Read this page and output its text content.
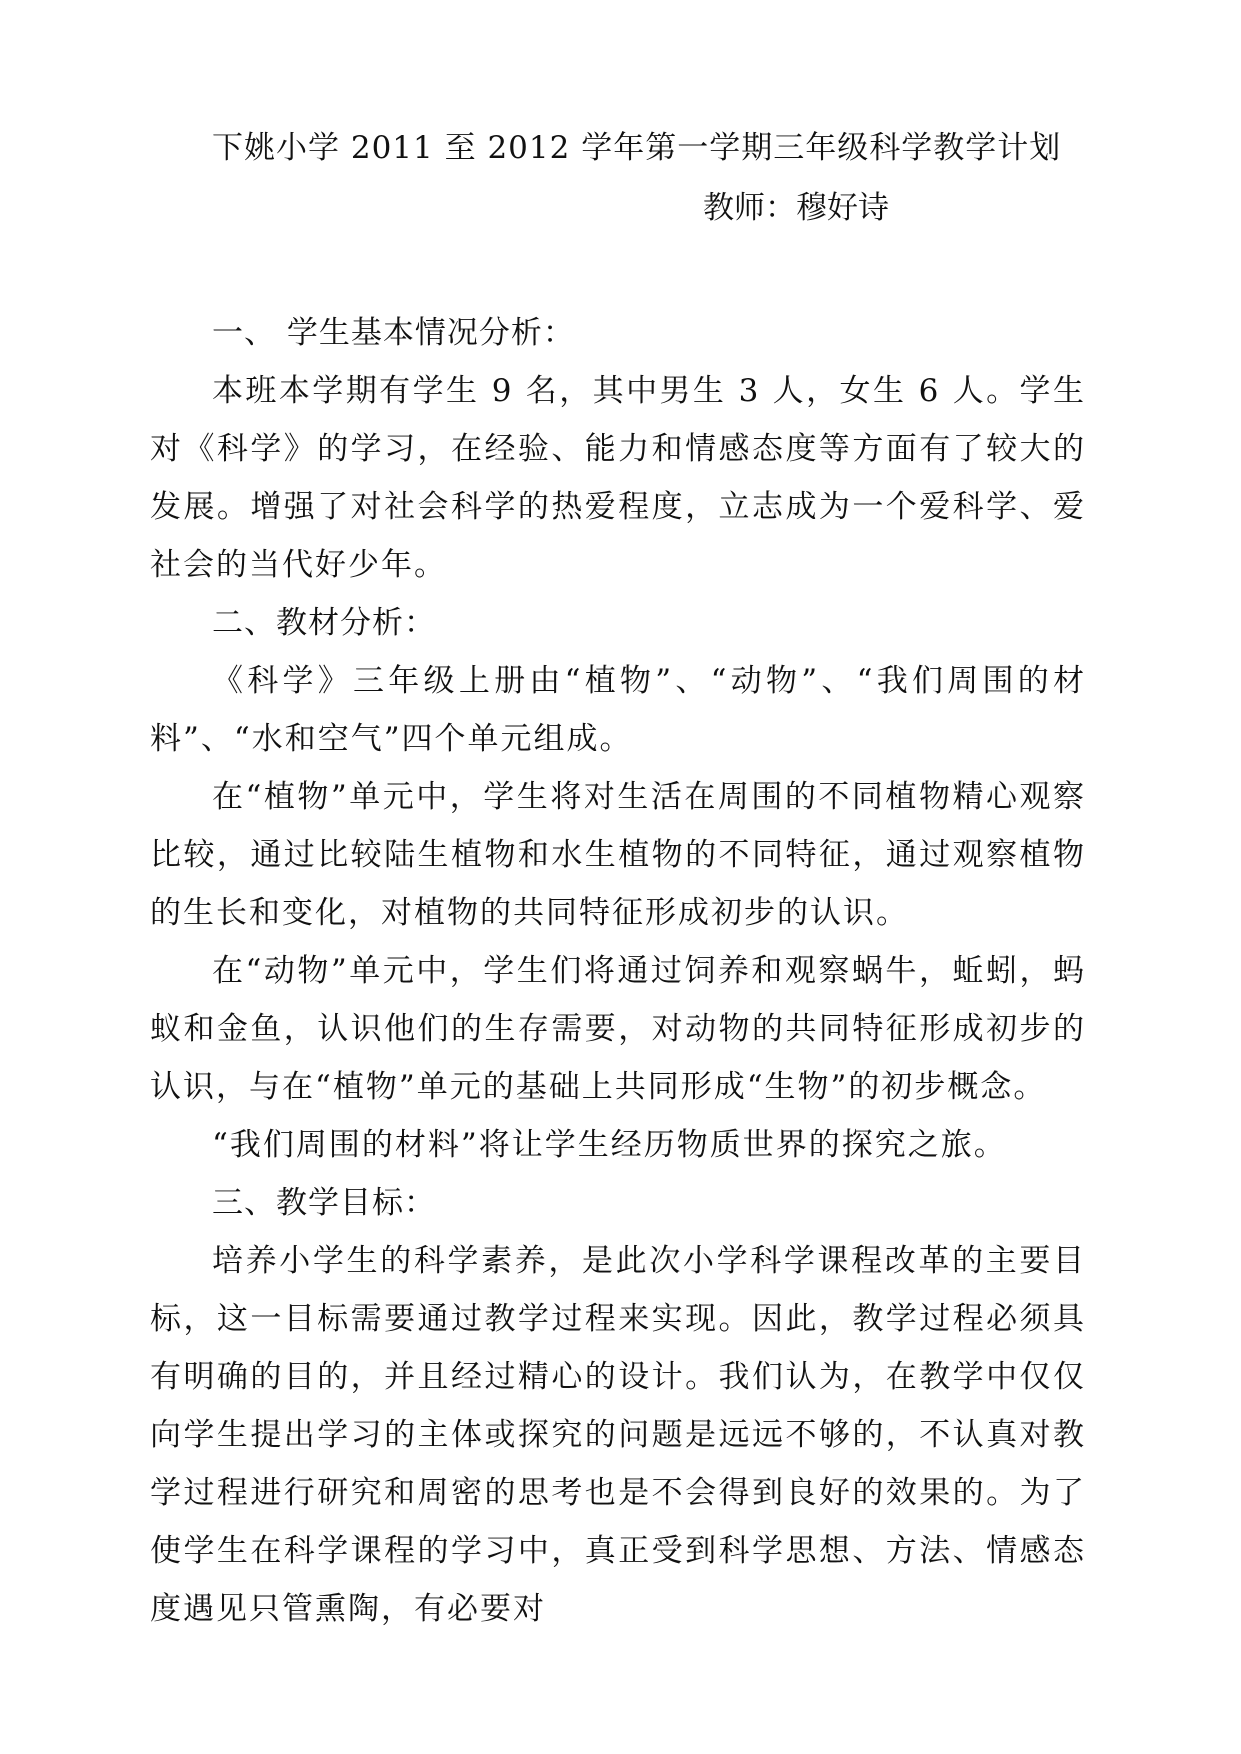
下姚小学 2011 至 2012 学年第一学期三年级科学教学计划
教师：穆好诗
一、 学生基本情况分析：

本班本学期有学生 9 名，其中男生 3 人，女生 6 人。学生对《科学》的学习，在经验、能力和情感态度等方面有了较大的发展。增强了对社会科学的热爱程度，立志成为一个爱科学、爱社会的当代好少年。

二、教材分析：

《科学》三年级上册由“植物”、“动物”、“我们周围的材料”、“水和空气”四个单元组成。

在“植物”单元中，学生将对生活在周围的不同植物精心观察比较，通过比较陆生植物和水生植物的不同特征，通过观察植物的生长和变化，对植物的共同特征形成初步的认识。

在“动物”单元中，学生们将通过饲养和观察蜗牛，蚯蚓，蚂蚁和金鱼，认识他们的生存需要，对动物的共同特征形成初步的认识，与在“植物”单元的基础上共同形成“生物”的初步概念。

“我们周围的材料”将让学生经历物质世界的探究之旅。

三、教学目标：

培养小学生的科学素养，是此次小学科学课程改革的主要目标，这一目标需要通过教学过程来实现。因此，教学过程必须具有明确的目的，并且经过精心的设计。我们认为，在教学中仅仅向学生提出学习的主体或探究的问题是远远不够的，不认真对教学过程进行研究和周密的思考也是不会得到良好的效果的。为了使学生在科学课程的学习中，真正受到科学思想、方法、情感态度遇见只管熏陶，有必要对
